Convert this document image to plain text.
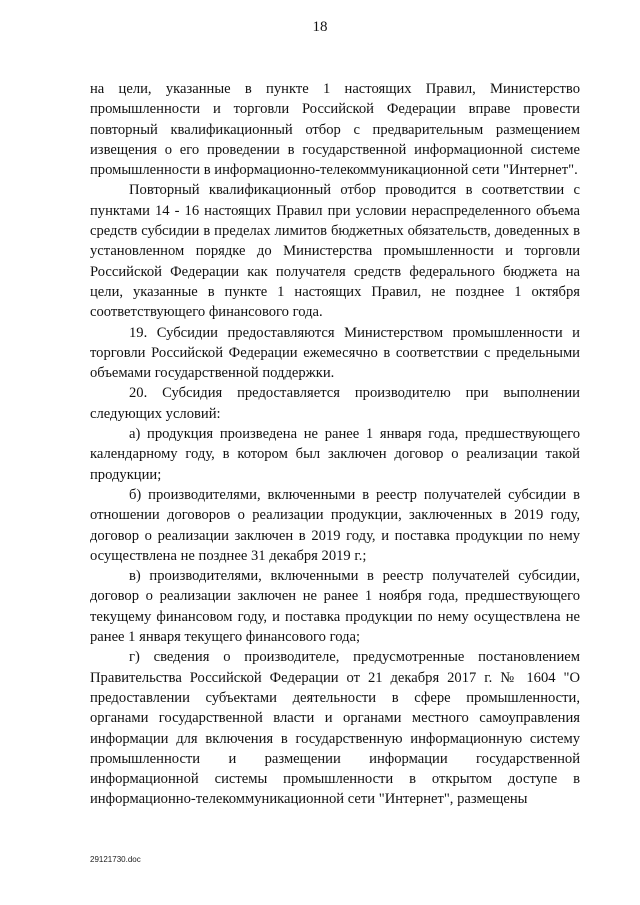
18

на цели, указанные в пункте 1 настоящих Правил, Министерство промышленности и торговли Российской Федерации вправе провести повторный квалификационный отбор с предварительным размещением извещения о его проведении в государственной информационной системе промышленности в информационно-телекоммуникационной сети "Интернет".

Повторный квалификационный отбор проводится в соответствии с пунктами 14 - 16 настоящих Правил при условии нераспределенного объема средств субсидии в пределах лимитов бюджетных обязательств, доведенных в установленном порядке до Министерства промышленности и торговли Российской Федерации как получателя средств федерального бюджета на цели, указанные в пункте 1 настоящих Правил, не позднее 1 октября соответствующего финансового года.

19. Субсидии предоставляются Министерством промышленности и торговли Российской Федерации ежемесячно в соответствии с предельными объемами государственной поддержки.

20. Субсидия предоставляется производителю при выполнении следующих условий:

а) продукция произведена не ранее 1 января года, предшествующего календарному году, в котором был заключен договор о реализации такой продукции;

б) производителями, включенными в реестр получателей субсидии в отношении договоров о реализации продукции, заключенных в 2019 году, договор о реализации заключен в 2019 году, и поставка продукции по нему осуществлена не позднее 31 декабря 2019 г.;

в) производителями, включенными в реестр получателей субсидии, договор о реализации заключен не ранее 1 ноября года, предшествующего текущему финансовом году, и поставка продукции по нему осуществлена не ранее 1 января текущего финансового года;

г) сведения о производителе, предусмотренные постановлением Правительства Российской Федерации от 21 декабря 2017 г. № 1604 "О предоставлении субъектами деятельности в сфере промышленности, органами государственной власти и органами местного самоуправления информации для включения в государственную информационную систему промышленности и размещении информации государственной информационной системы промышленности в открытом доступе в информационно-телекоммуникационной сети "Интернет", размещены

29121730.doc
